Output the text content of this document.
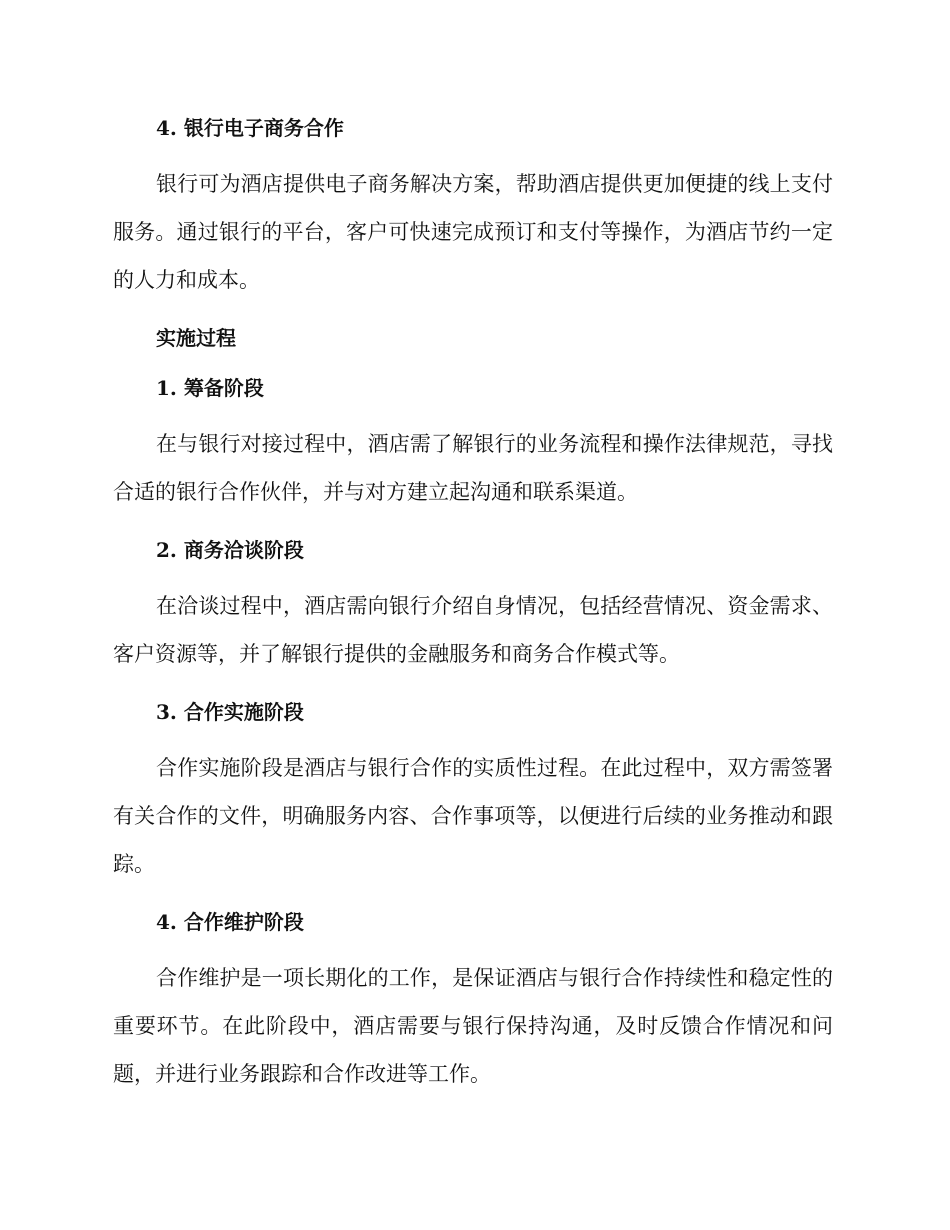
4. 银行电子商务合作

银行可为酒店提供电子商务解决方案，帮助酒店提供更加便捷的线上支付服务。通过银行的平台，客户可快速完成预订和支付等操作，为酒店节约一定的人力和成本。

实施过程
1. 筹备阶段

在与银行对接过程中，酒店需了解银行的业务流程和操作法律规范，寻找合适的银行合作伙伴，并与对方建立起沟通和联系渠道。

2. 商务洽谈阶段

在洽谈过程中，酒店需向银行介绍自身情况，包括经营情况、资金需求、客户资源等，并了解银行提供的金融服务和商务合作模式等。

3. 合作实施阶段

合作实施阶段是酒店与银行合作的实质性过程。在此过程中，双方需签署有关合作的文件，明确服务内容、合作事项等，以便进行后续的业务推动和跟踪。

4. 合作维护阶段

合作维护是一项长期化的工作，是保证酒店与银行合作持续性和稳定性的重要环节。在此阶段中，酒店需要与银行保持沟通，及时反馈合作情况和问题，并进行业务跟踪和合作改进等工作。
